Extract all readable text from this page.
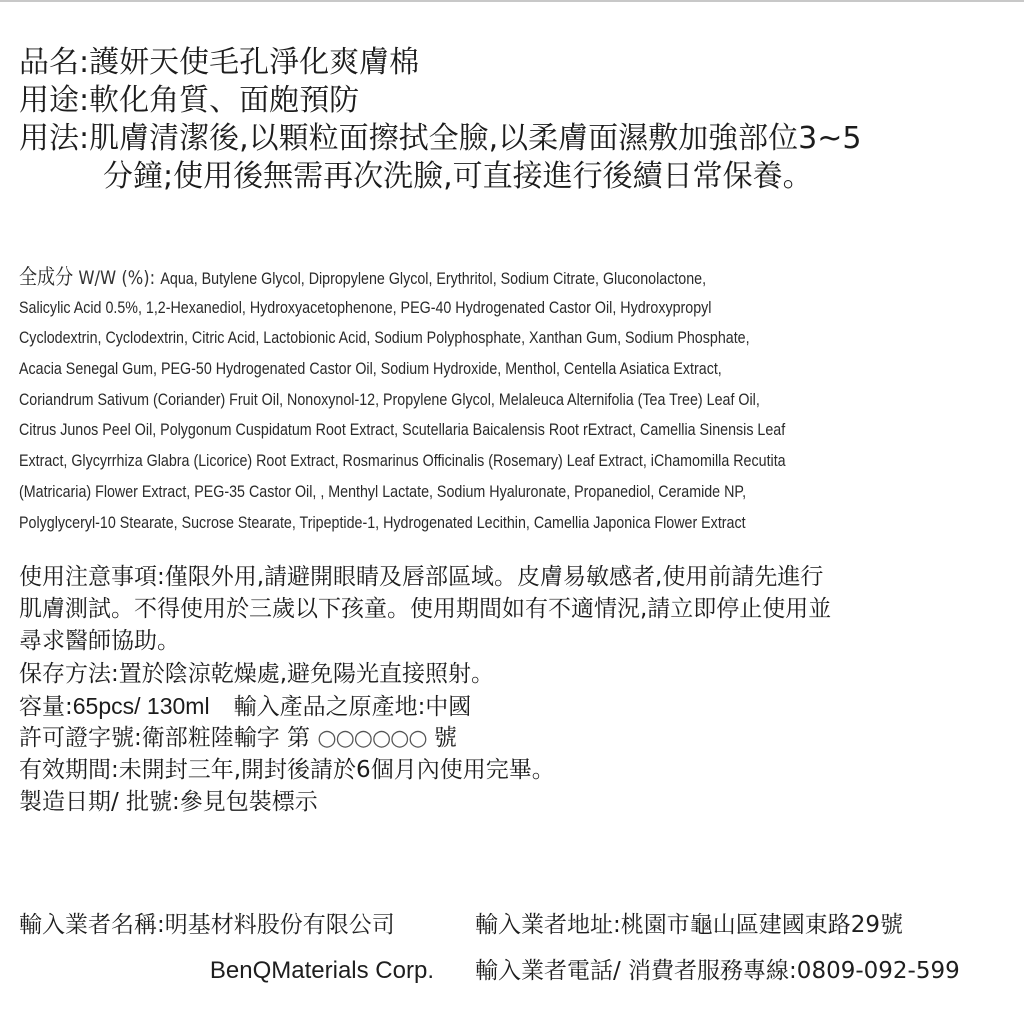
品名:護妍天使毛孔淨化爽膚棉
用途:軟化角質、面皰預防
用法:肌膚清潔後,以顆粒面擦拭全臉,以柔膚面濕敷加強部位3~5
分鐘;使用後無需再次洗臉,可直接進行後續日常保養。
全成分 W/W (%): Aqua, Butylene Glycol, Dipropylene Glycol, Erythritol, Sodium Citrate, Gluconolactone,
Salicylic Acid 0.5%, 1,2-Hexanediol, Hydroxyacetophenone, PEG-40 Hydrogenated Castor Oil, Hydroxypropyl
Cyclodextrin, Cyclodextrin, Citric Acid, Lactobionic Acid, Sodium Polyphosphate, Xanthan Gum, Sodium Phosphate,
Acacia Senegal Gum, PEG-50 Hydrogenated Castor Oil, Sodium Hydroxide, Menthol, Centella Asiatica Extract,
Coriandrum Sativum (Coriander) Fruit Oil, Nonoxynol-12, Propylene Glycol, Melaleuca Alternifolia (Tea Tree) Leaf Oil,
Citrus Junos Peel Oil, Polygonum Cuspidatum Root Extract, Scutellaria Baicalensis Root rExtract, Camellia Sinensis Leaf
Extract, Glycyrrhiza Glabra (Licorice) Root Extract, Rosmarinus Officinalis (Rosemary) Leaf Extract, iChamomilla Recutita
(Matricaria) Flower Extract, PEG-35 Castor Oil, , Menthyl Lactate, Sodium Hyaluronate, Propanediol, Ceramide NP,
Polyglyceryl-10 Stearate, Sucrose Stearate, Tripeptide-1, Hydrogenated Lecithin, Camellia Japonica Flower Extract
使用注意事項:僅限外用,請避開眼睛及唇部區域。皮膚易敏感者,使用前請先進行
肌膚測試。不得使用於三歲以下孩童。使用期間如有不適情況,請立即停止使用並
尋求醫師協助。
保存方法:置於陰涼乾燥處,避免陽光直接照射。
容量:65pcs/ 130ml 輸入產品之原產地:中國
許可證字號:衛部粧陸輸字 第 ○○○○○○ 號
有效期間:未開封三年,開封後請於6個月內使用完畢。
製造日期/ 批號:參見包裝標示
輸入業者名稱:明基材料股份有限公司	輸入業者地址:桃園市龜山區建國東路29號
BenQMaterials Corp. 輸入業者電話/ 消費者服務專線:0809-092-599
